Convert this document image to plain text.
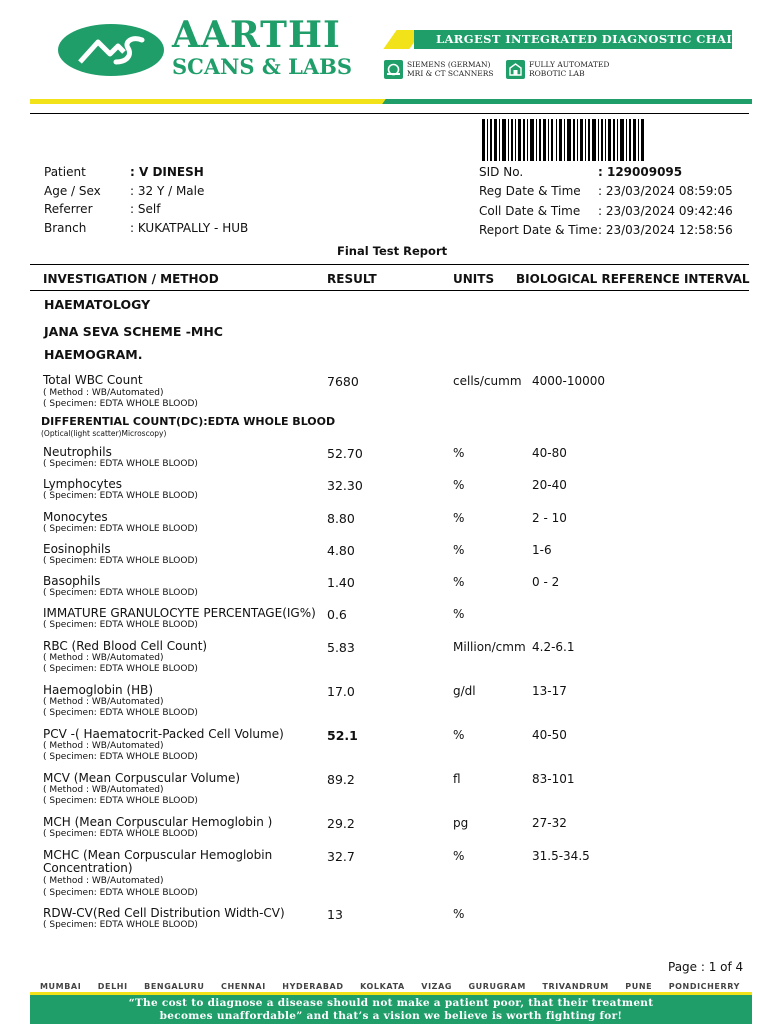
AARTHI
SCANS & LABS
LARGEST INTEGRATED DIAGNOSTIC CHAIN
SIEMENS (GERMAN)
MRI & CT SCANNERS
FULLY AUTOMATED
ROBOTIC LAB
Patient	: V DINESH
Age / Sex : 32 Y / Male
Referrer	: Self
Branch	: KUKATPALLY - HUB
SID No.	: 129009095
Reg Date & Time : 23/03/2024 08:59:05
Coll Date & Time : 23/03/2024 09:42:46
Report Date & Time : 23/03/2024 12:58:56
Final Test Report
INVESTIGATION / METHOD	RESULT	UNITS BIOLOGICAL REFERENCE INTERVAL
HAEMATOLOGY
JANA SEVA SCHEME -MHC
HAEMOGRAM.
Total WBC Count
( Method : WB/Automated)
( Specimen: EDTA WHOLE BLOOD)
7680	cells/cumm 4000-10000
DIFFERENTIAL COUNT(DC):EDTA WHOLE BLOOD
(Optical(light scatter)Microscopy)
Neutrophils
( Specimen: EDTA WHOLE BLOOD)
52.70	%	40-80
Lymphocytes
( Specimen: EDTA WHOLE BLOOD)
32.30	%	20-40
Monocytes
( Specimen: EDTA WHOLE BLOOD)
8.80	%	2 - 10
Eosinophils
( Specimen: EDTA WHOLE BLOOD)
4.80	%	1-6
Basophils
( Specimen: EDTA WHOLE BLOOD)
1.40	%	0 - 2
IMMATURE GRANULOCYTE PERCENTAGE(IG%)
( Specimen: EDTA WHOLE BLOOD)
0.6	%
RBC (Red Blood Cell Count)
( Method : WB/Automated)
( Specimen: EDTA WHOLE BLOOD)
5.83	Million/cmm 4.2-6.1
Haemoglobin (HB)
( Method : WB/Automated)
( Specimen: EDTA WHOLE BLOOD)
17.0	g/dl	13-17
PCV -( Haematocrit-Packed Cell Volume)
( Method : WB/Automated)
( Specimen: EDTA WHOLE BLOOD)
52.1	%	40-50
MCV (Mean Corpuscular Volume)
( Method : WB/Automated)
( Specimen: EDTA WHOLE BLOOD)
89.2	fl	83-101
MCH (Mean Corpuscular Hemoglobin )
( Specimen: EDTA WHOLE BLOOD)
29.2	pg	27-32
MCHC (Mean Corpuscular Hemoglobin Concentration)
( Method : WB/Automated)
( Specimen: EDTA WHOLE BLOOD)
32.7	%	31.5-34.5
RDW-CV(Red Cell Distribution Width-CV)
( Specimen: EDTA WHOLE BLOOD)
13	%
Page : 1 of 4
MUMBAI DELHI BENGALURU CHENNAI HYDERABAD KOLKATA VIZAG GURUGRAM TRIVANDRUM PUNE PONDICHERRY
“The cost to diagnose a disease should not make a patient poor, that their treatment
becomes unaffordable” and that’s a vision we believe is worth fighting for!
